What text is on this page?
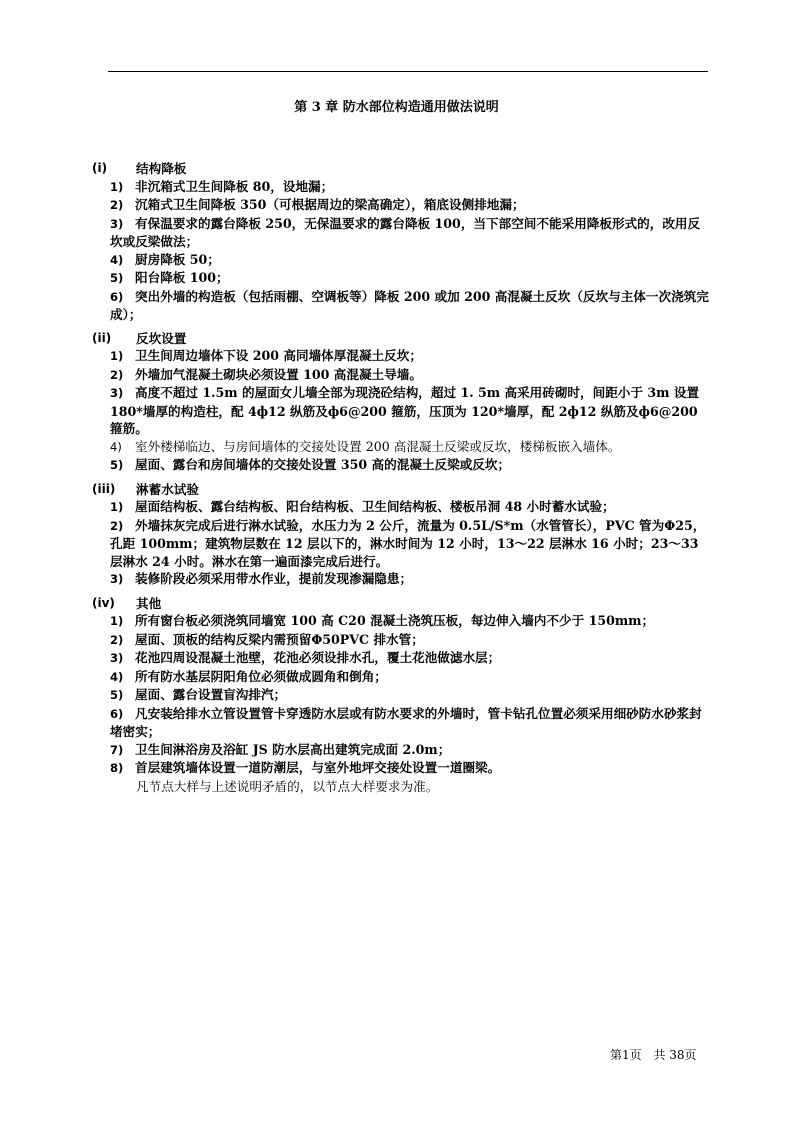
第 3 章 防水部位构造通用做法说明
(i)	结构降板
1) 非沉箱式卫生间降板 80，设地漏；
2) 沉箱式卫生间降板 350（可根据周边的梁高确定），箱底设侧排地漏；
3) 有保温要求的露台降板 250，无保温要求的露台降板 100，当下部空间不能采用降板形式的，改用反坎或反梁做法；
4) 厨房降板 50；
5) 阳台降板 100；
6) 突出外墙的构造板（包括雨棚、空调板等）降板 200 或加 200 高混凝土反坎（反坎与主体一次浇筑完成）；
(ii)	反坎设置
1) 卫生间周边墙体下设 200 高同墙体厚混凝土反坎；
2) 外墙加气混凝土砌块必须设置 100 高混凝土导墙。
3) 高度不超过 1.5m 的屋面女儿墙全部为现浇砼结构，超过 1. 5m 高采用砖砌时，间距小于 3m 设置 180*墙厚的构造柱，配 4ф12 纵筋及ф6@200 箍筋，压顶为 120*墙厚，配 2ф12 纵筋及ф6@200 箍筋。
4) 室外楼梯临边、与房间墙体的交接处设置 200 高混凝土反梁或反坎，楼梯板嵌入墙体。
5) 屋面、露台和房间墙体的交接处设置 350 高的混凝土反梁或反坎；
(iii)	淋蓄水试验
1) 屋面结构板、露台结构板、阳台结构板、卫生间结构板、楼板吊洞 48 小时蓄水试验；
2) 外墙抹灰完成后进行淋水试验，水压力为 2 公斤，流量为 0.5L/S*m（水管管长），PVC 管为Φ25，孔距 100mm；建筑物层数在 12 层以下的，淋水时间为 12 小时，13～22 层淋水 16 小时；23～33 层淋水 24 小时。淋水在第一遍面漆完成后进行。
3) 装修阶段必须采用带水作业，提前发现渗漏隐患；
(iv)	其他
1) 所有窗台板必须浇筑同墙宽 100 高 C20 混凝土浇筑压板，每边伸入墙内不少于 150mm；
2) 屋面、顶板的结构反梁内需预留Φ50PVC 排水管；
3) 花池四周设混凝土池壁，花池必须设排水孔，覆土花池做滤水层；
4) 所有防水基层阴阳角位必须做成圆角和倒角；
5) 屋面、露台设置盲沟排汽；
6) 凡安装给排水立管设置管卡穿透防水层或有防水要求的外墙时，管卡钻孔位置必须采用细砂防水砂浆封堵密实；
7) 卫生间淋浴房及浴缸 JS 防水层高出建筑完成面 2.0m；
8) 首层建筑墙体设置一道防潮层，与室外地坪交接处设置一道圈梁。
凡节点大样与上述说明矛盾的，以节点大样要求为准。
第1页 共 38页
